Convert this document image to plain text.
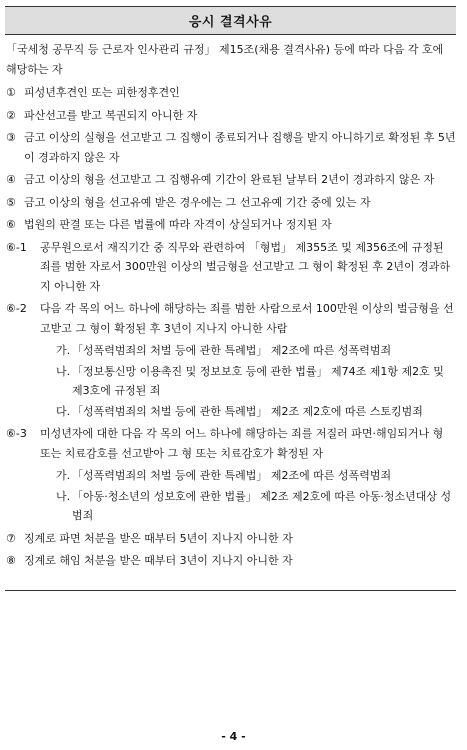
응시 결격사유

「국세청 공무직 등 근로자 인사관리 규정」 제15조(채용 결격사유) 등에 따라 다음 각 호에 해당하는 자

① 피성년후견인 또는 피한정후견인
② 파산선고를 받고 복권되지 아니한 자
③ 금고 이상의 실형을 선고받고 그 집행이 종료되거나 집행을 받지 아니하기로 확정된 후 5년이 경과하지 않은 자
④ 금고 이상의 형을 선고받고 그 집행유예 기간이 완료된 날부터 2년이 경과하지 않은 자
⑤ 금고 이상의 형을 선고유예 받은 경우에는 그 선고유예 기간 중에 있는 자
⑥ 법원의 판결 또는 다른 법률에 따라 자격이 상실되거나 정지된 자
⑥-1	공무원으로서 재직기간 중 직무와 관련하여 「형법」 제355조 및 제356조에 규정된 죄를 범한 자로서 300만원 이상의 벌금형을 선고받고 그 형이 확정된 후 2년이 경과하지 아니한 자
⑥-2	다음 각 목의 어느 하나에 해당하는 죄를 범한 사람으로서 100만원 이상의 벌금형을 선고받고 그 형이 확정된 후 3년이 지나지 아니한 사람
가. 「성폭력범죄의 처벌 등에 관한 특례법」 제2조에 따른 성폭력범죄
나. 「정보통신망 이용촉진 및 정보보호 등에 관한 법률」 제74조 제1항 제2호 및 제3호에 규정된 죄
다. 「성폭력범죄의 처벌 등에 관한 특례법」 제2조 제2호에 따른 스토킹범죄
⑥-3	미성년자에 대한 다음 각 목의 어느 하나에 해당하는 죄를 저질러 파면·해임되거나 형 또는 치료감호를 선고받아 그 형 또는 치료감호가 확정된 자
가. 「성폭력범죄의 처벌 등에 관한 특례법」 제2조에 따른 성폭력범죄
나. 「아동·청소년의 성보호에 관한 법률」 제2조 제2호에 따른 아동·청소년대상 성범죄
⑦ 징계로 파면 처분을 받은 때부터 5년이 지나지 아니한 자
⑧ 징계로 해임 처분을 받은 때부터 3년이 지나지 아니한 자
- 4 -
